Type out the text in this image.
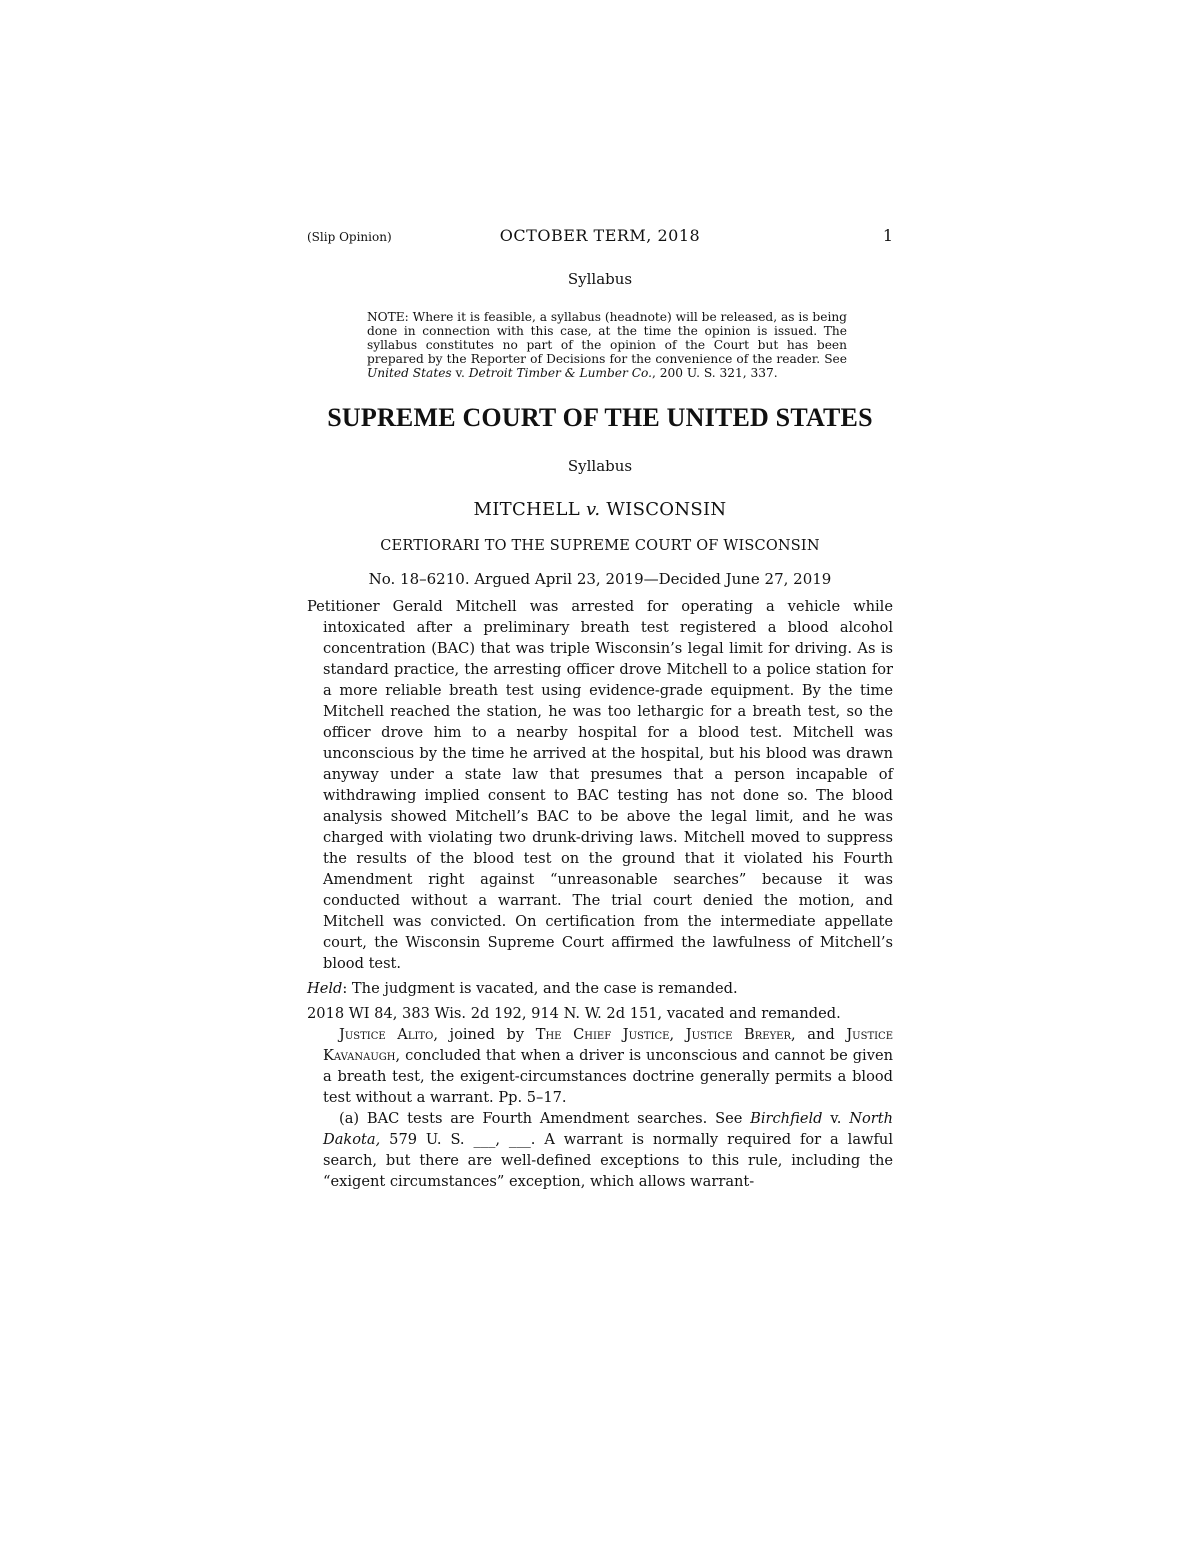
(Slip Opinion)	OCTOBER TERM, 2018	1
Syllabus
NOTE: Where it is feasible, a syllabus (headnote) will be released, as is being done in connection with this case, at the time the opinion is issued. The syllabus constitutes no part of the opinion of the Court but has been prepared by the Reporter of Decisions for the convenience of the reader. See United States v. Detroit Timber & Lumber Co., 200 U. S. 321, 337.
SUPREME COURT OF THE UNITED STATES
Syllabus
MITCHELL v. WISCONSIN
CERTIORARI TO THE SUPREME COURT OF WISCONSIN
No. 18–6210. Argued April 23, 2019—Decided June 27, 2019
Petitioner Gerald Mitchell was arrested for operating a vehicle while intoxicated after a preliminary breath test registered a blood alcohol concentration (BAC) that was triple Wisconsin’s legal limit for driving. As is standard practice, the arresting officer drove Mitchell to a police station for a more reliable breath test using evidence-grade equipment. By the time Mitchell reached the station, he was too lethargic for a breath test, so the officer drove him to a nearby hospital for a blood test. Mitchell was unconscious by the time he arrived at the hospital, but his blood was drawn anyway under a state law that presumes that a person incapable of withdrawing implied consent to BAC testing has not done so. The blood analysis showed Mitchell’s BAC to be above the legal limit, and he was charged with violating two drunk-driving laws. Mitchell moved to suppress the results of the blood test on the ground that it violated his Fourth Amendment right against “unreasonable searches” because it was conducted without a warrant. The trial court denied the motion, and Mitchell was convicted. On certification from the intermediate appellate court, the Wisconsin Supreme Court affirmed the lawfulness of Mitchell’s blood test.
Held: The judgment is vacated, and the case is remanded.
2018 WI 84, 383 Wis. 2d 192, 914 N. W. 2d 151, vacated and remanded.
Justice Alito, joined by The Chief Justice, Justice Breyer, and Justice Kavanaugh, concluded that when a driver is unconscious and cannot be given a breath test, the exigent-circumstances doctrine generally permits a blood test without a warrant. Pp. 5–17.
(a) BAC tests are Fourth Amendment searches. See Birchfield v. North Dakota, 579 U. S. ___, ___. A warrant is normally required for a lawful search, but there are well-defined exceptions to this rule, including the “exigent circumstances” exception, which allows warrant-
